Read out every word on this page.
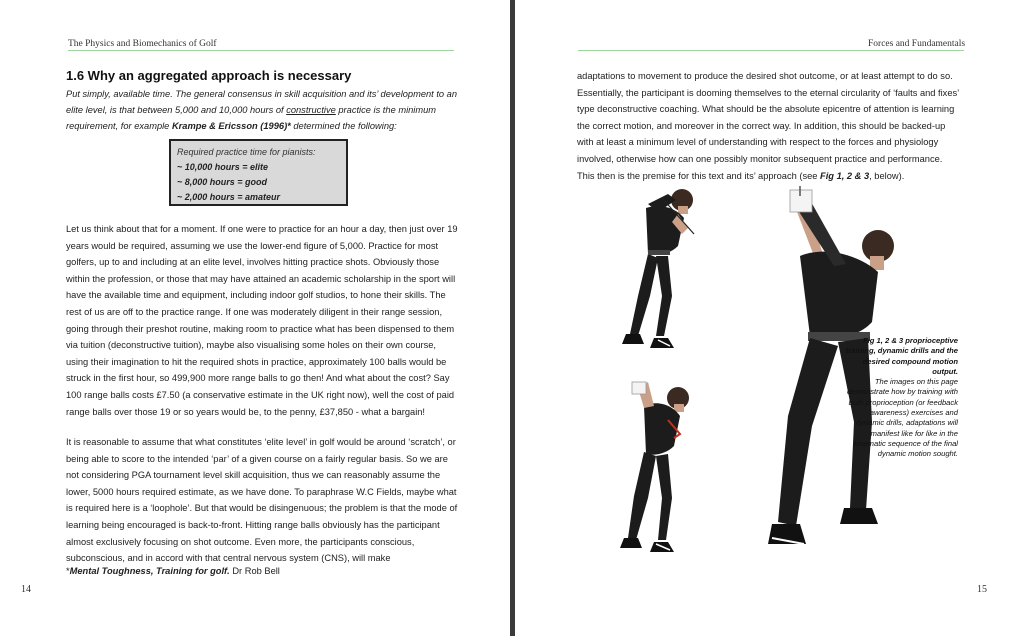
The Physics and Biomechanics of Golf
1.6 Why an aggregated approach is necessary
Put simply, available time. The general consensus in skill acquisition and its’ development to an elite level, is that between 5,000 and 10,000 hours of constructive practice is the minimum requirement, for example Krampe & Ericsson (1996)* determined the following:
Required practice time for pianists:
~ 10,000 hours = elite
~ 8,000 hours = good
~ 2,000 hours = amateur
Let us think about that for a moment. If one were to practice for an hour a day, then just over 19 years would be required, assuming we use the lower-end figure of 5,000. Practice for most golfers, up to and including at an elite level, involves hitting practice shots. Obviously those within the profession, or those that may have attained an academic scholarship in the sport will have the available time and equipment, including indoor golf studios, to hone their skills. The rest of us are off to the practice range. If one was moderately diligent in their range session, going through their preshot routine, making room to practice what has been dispensed to them via tuition (deconstructive tuition), maybe also visualising some holes on their own course, using their imagination to hit the required shots in practice, approximately 100 balls would be struck in the first hour, so 499,900 more range balls to go then! And what about the cost? Say 100 range balls costs £7.50 (a conservative estimate in the UK right now), well the cost of paid range balls over those 19 or so years would be, to the penny, £37,850 - what a bargain!
It is reasonable to assume that what constitutes ‘elite level’ in golf would be around ‘scratch’, or being able to score to the intended ‘par’ of a given course on a fairly regular basis. So we are not considering PGA tournament level skill acquisition, thus we can reasonably assume the lower, 5000 hours required estimate, as we have done. To paraphrase W.C Fields, maybe what is required here is a ‘loophole’. But that would be disingenuous; the problem is that the mode of learning being encouraged is back-to-front. Hitting range balls obviously has the participant almost exclusively focusing on shot outcome. Even more, the participants conscious, subconscious, and in accord with that central nervous system (CNS), will make
*Mental Toughness, Training for golf. Dr Rob Bell
14	15
Forces and Fundamentals
adaptations to movement to produce the desired shot outcome, or at least attempt to do so. Essentially, the participant is dooming themselves to the eternal circularity of ‘faults and fixes’ type deconstructive coaching. What should be the absolute epicentre of attention is learning the correct motion, and moreover in the correct way. In addition, this should be backed-up with at least a minimum level of understanding with respect to the forces and physiology involved, otherwise how can one possibly monitor subsequent practice and performance. This then is the premise for this text and its’ approach (see Fig 1, 2 & 3, below).
Fig 1, 2 & 3 proprioceptive training, dynamic drills and the desired compound motion output.
The images on this page demonstrate how by training with both proprioception (or feedback awareness) exercises and dynamic drills, adaptations will manifest like for like in the kinematic sequence of the final dynamic motion sought.
